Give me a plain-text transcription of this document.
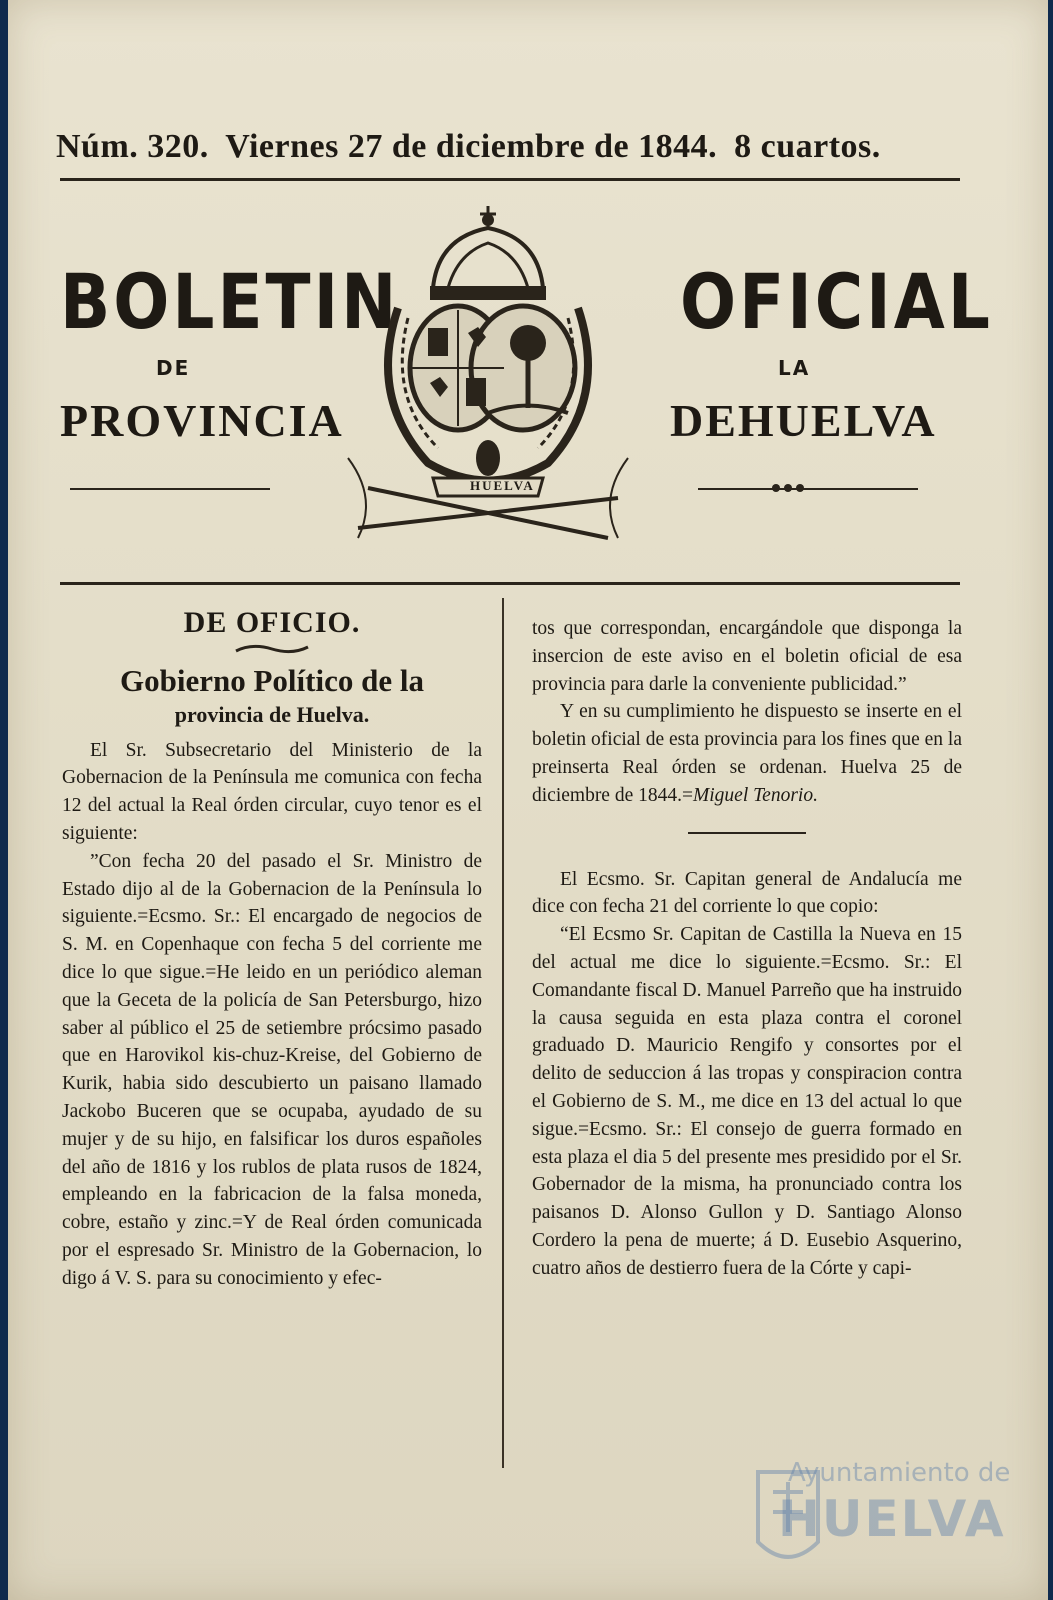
Núm. 320. Viernes 27 de diciembre de 1844. 8 cuartos.
BOLETIN	OFICIAL
DE	LA
PROVINCIA	DEHUELVA
HUELVA
DE OFICIO.
Gobierno Político de la
provincia de Huelva.

El Sr. Subsecretario del Ministerio de la Gobernacion de la Península me comunica con fecha 12 del actual la Real órden circular, cuyo tenor es el siguiente:

”Con fecha 20 del pasado el Sr. Ministro de Estado dijo al de la Gobernacion de la Península lo siguiente.=Ecsmo. Sr.: El encargado de negocios de S. M. en Copenhaque con fecha 5 del corriente me dice lo que sigue.=He leido en un periódico aleman que la Geceta de la policía de San Petersburgo, hizo saber al público el 25 de setiembre prócsimo pasado que en Harovikol kis-chuz-Kreise, del Gobierno de Kurik, habia sido descubierto un paisano llamado Jackobo Buceren que se ocupaba, ayudado de su mujer y de su hijo, en falsificar los duros españoles del año de 1816 y los rublos de plata rusos de 1824, empleando en la fabricacion de la falsa moneda, cobre, estaño y zinc.=Y de Real órden comunicada por el espresado Sr. Ministro de la Gobernacion, lo digo á V. S. para su conocimiento y efec-

tos que correspondan, encargándole que disponga la insercion de este aviso en el boletin oficial de esa provincia para darle la conveniente publicidad.”

Y en su cumplimiento he dispuesto se inserte en el boletin oficial de esta provincia para los fines que en la preinserta Real órden se ordenan. Huelva 25 de diciembre de 1844.=Miguel Tenorio.

El Ecsmo. Sr. Capitan general de Andalucía me dice con fecha 21 del corriente lo que copio:

“El Ecsmo Sr. Capitan de Castilla la Nueva en 15 del actual me dice lo siguiente.=Ecsmo. Sr.: El Comandante fiscal D. Manuel Parreño que ha instruido la causa seguida en esta plaza contra el coronel graduado D. Mauricio Rengifo y consortes por el delito de seduccion á las tropas y conspiracion contra el Gobierno de S. M., me dice en 13 del actual lo que sigue.=Ecsmo. Sr.: El consejo de guerra formado en esta plaza el dia 5 del presente mes presidido por el Sr. Gobernador de la misma, ha pronunciado contra los paisanos D. Alonso Gullon y D. Santiago Alonso Cordero la pena de muerte; á D. Eusebio Asquerino, cuatro años de destierro fuera de la Córte y capi-

Ayuntamiento de
HUELVA
